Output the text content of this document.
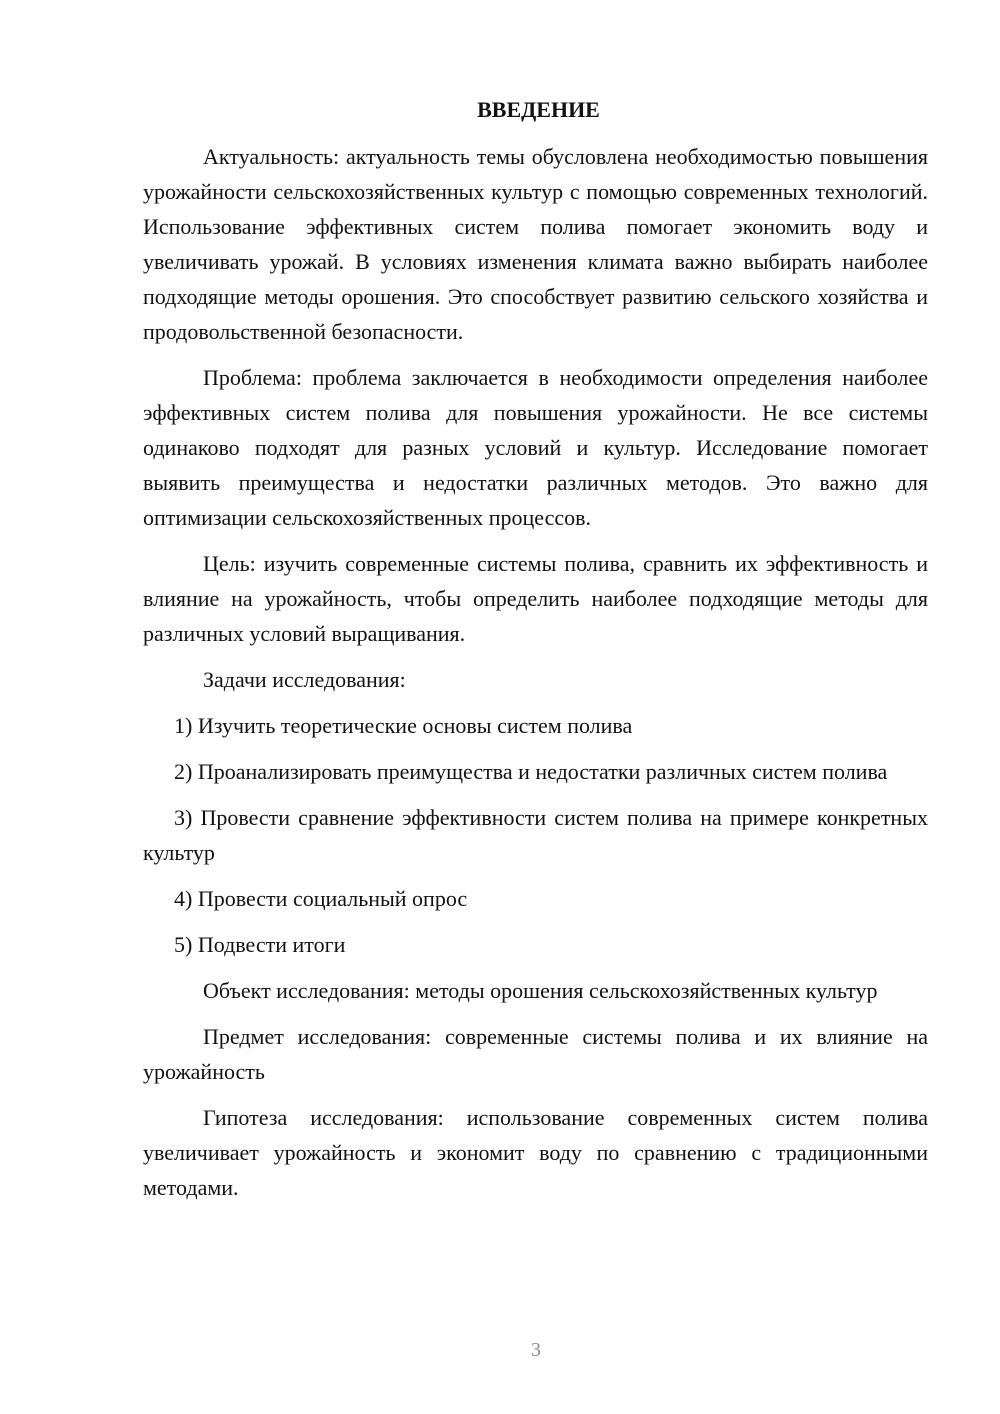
ВВЕДЕНИЕ

Актуальность: актуальность темы обусловлена необходимостью повышения урожайности сельскохозяйственных культур с помощью современных технологий. Использование эффективных систем полива помогает экономить воду и увеличивать урожай. В условиях изменения климата важно выбирать наиболее подходящие методы орошения. Это способствует развитию сельского хозяйства и продовольственной безопасности.

Проблема: проблема заключается в необходимости определения наиболее эффективных систем полива для повышения урожайности. Не все системы одинаково подходят для разных условий и культур. Исследование помогает выявить преимущества и недостатки различных методов. Это важно для оптимизации сельскохозяйственных процессов.

Цель: изучить современные системы полива, сравнить их эффективность и влияние на урожайность, чтобы определить наиболее подходящие методы для различных условий выращивания.

Задачи исследования:

1) Изучить теоретические основы систем полива

2) Проанализировать преимущества и недостатки различных систем полива

3) Провести сравнение эффективности систем полива на примере конкретных культур

4) Провести социальный опрос

5) Подвести итоги

Объект исследования: методы орошения сельскохозяйственных культур

Предмет исследования: современные системы полива и их влияние на урожайность

Гипотеза исследования: использование современных систем полива увеличивает урожайность и экономит воду по сравнению с традиционными методами.

3
